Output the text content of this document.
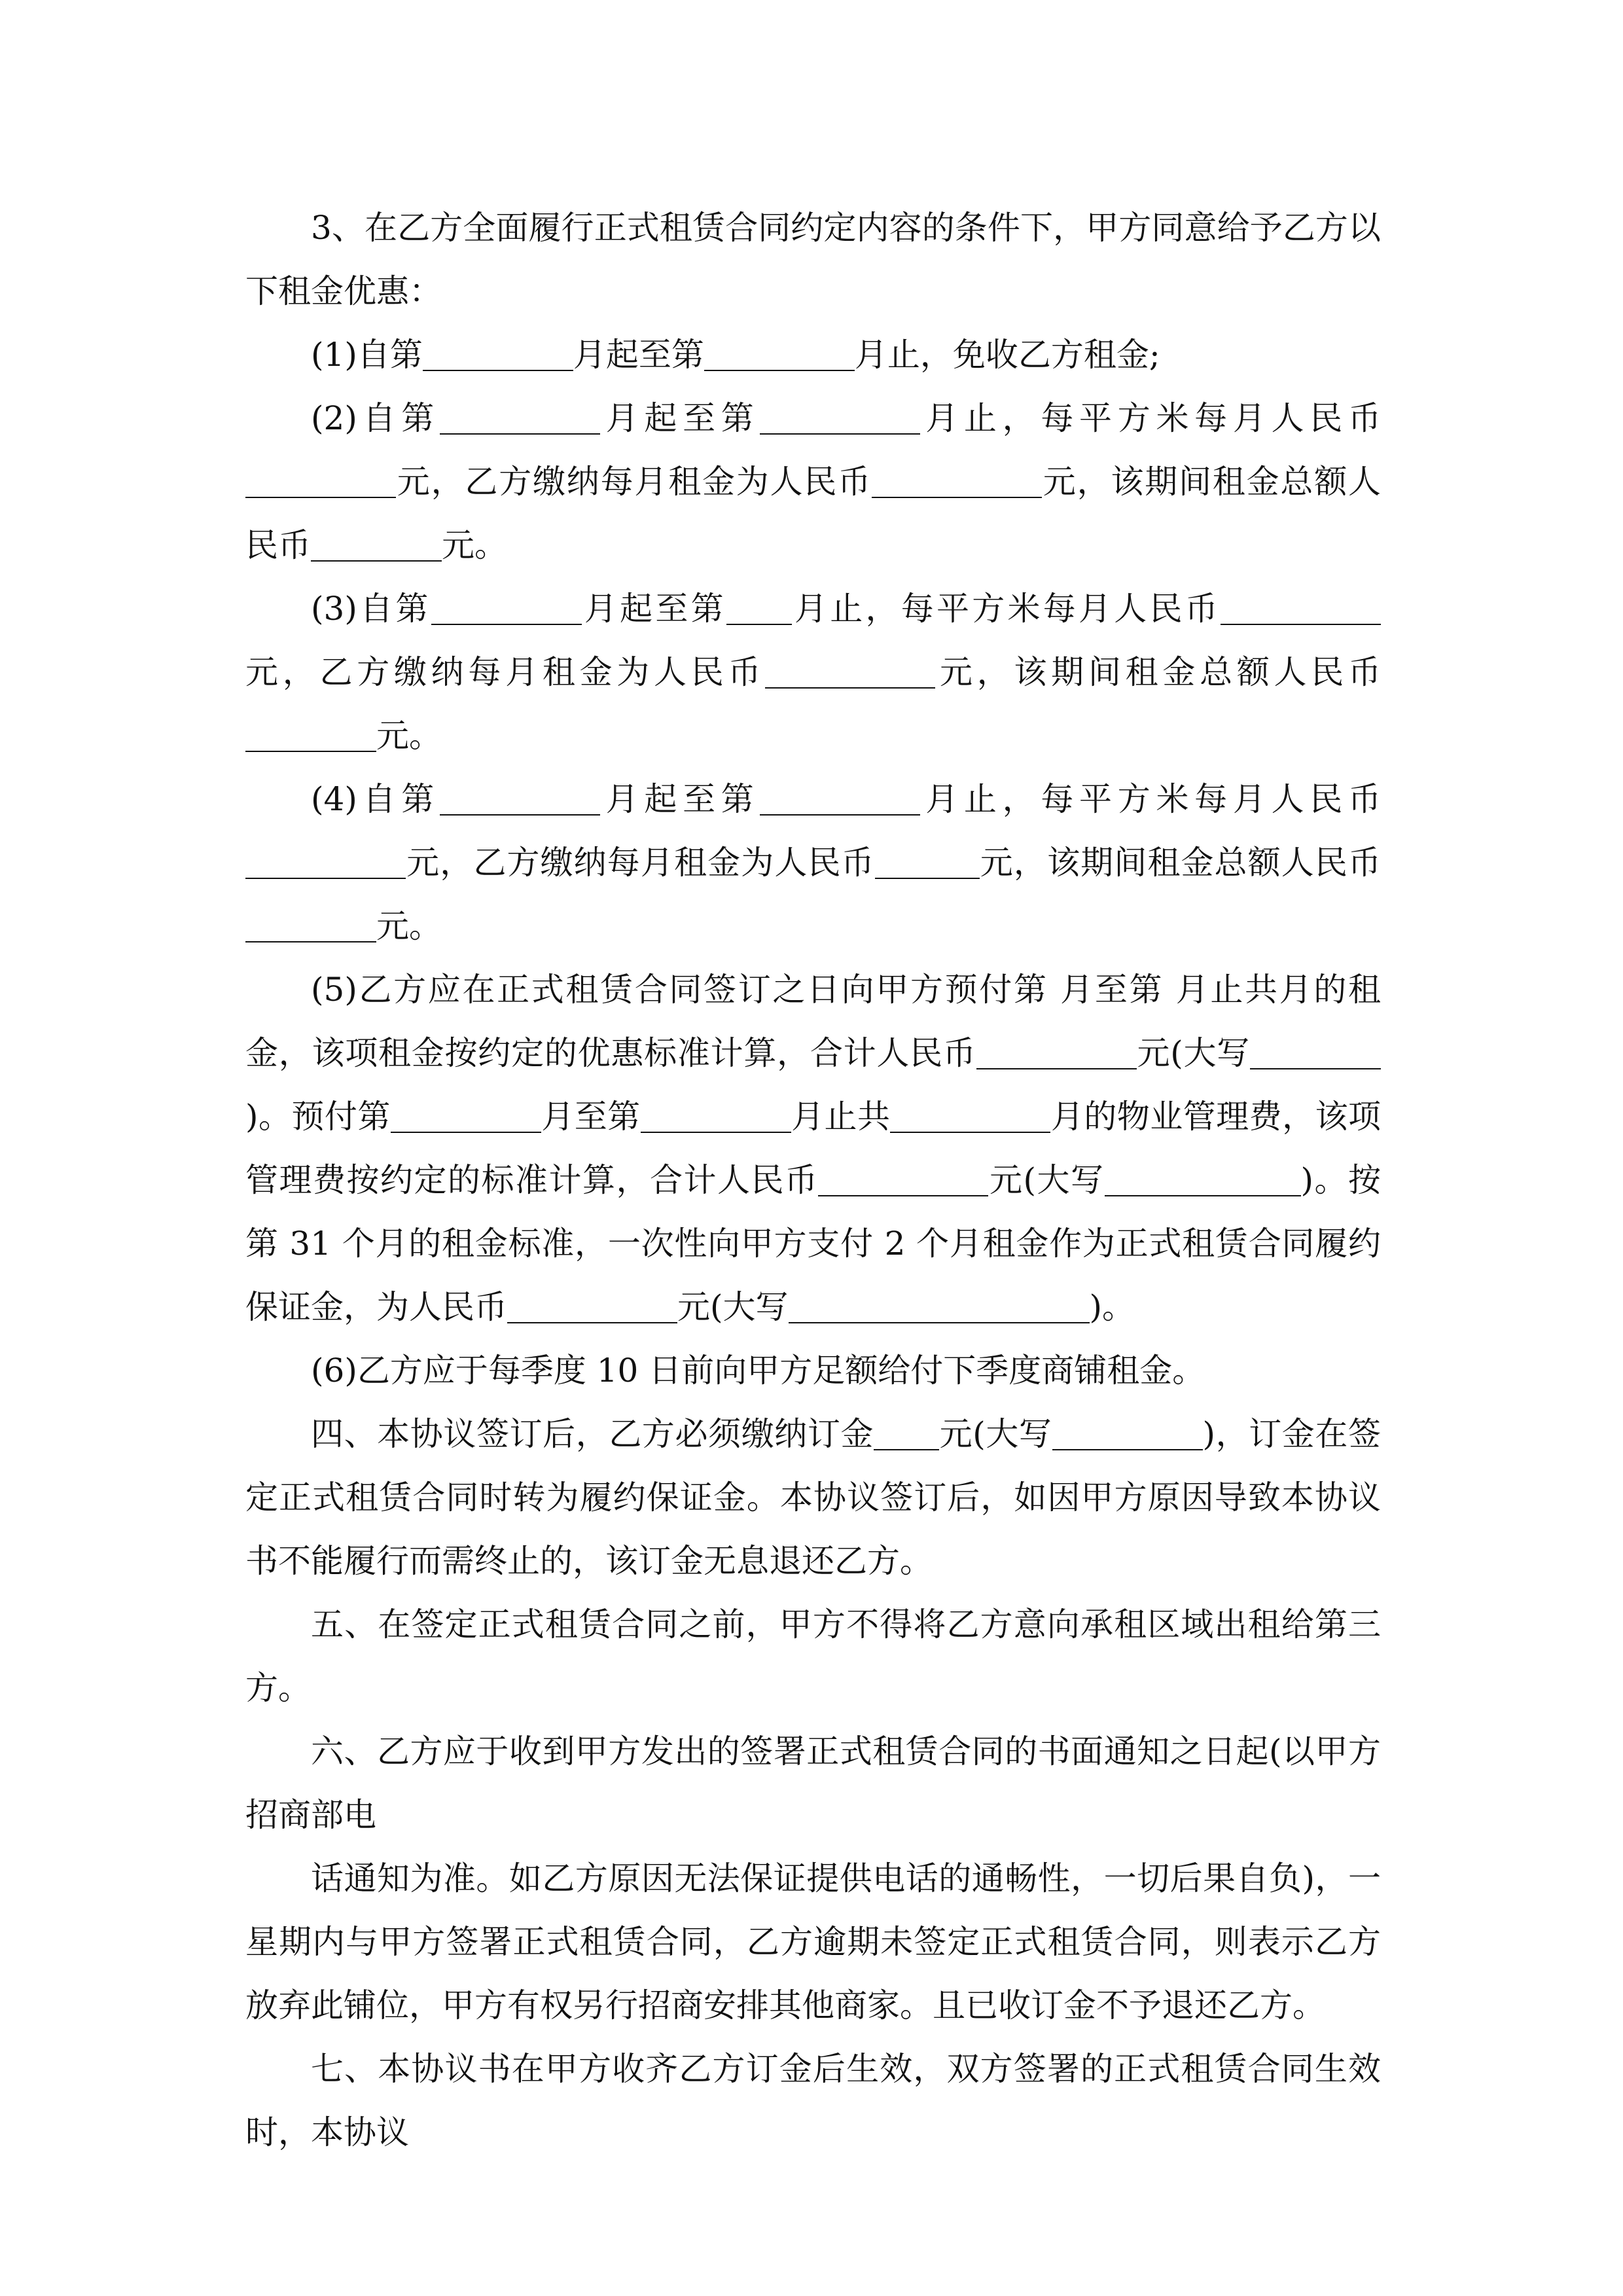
3、在乙方全面履行正式租赁合同约定内容的条件下，甲方同意给予乙方以下租金优惠：

(1)自第	月起至第	月止，免收乙方租金;

(2)自第	月起至第	月止，每平方米每月人民币元，乙方缴纳每月租金为人民币	元，该期间租金总额人民币	元。

(3)自第	月起至第 月止，每平方米每月人民币元，乙方缴纳每月租金为人民币	元，该期间租金总额人民币元。

(4)自第	月起至第	月止，每平方米每月人民币元，乙方缴纳每月租金为人民币	元，该期间租金总额人民币元。

(5)乙方应在正式租赁合同签订之日向甲方预付第 月至第 月止共月的租金，该项租金按约定的优惠标准计算，合计人民币	元(大写)。预付第	月至第	月止共	月的物业管理费，该项管理费按约定的标准计算，合计人民币	元(大写	)。按第 31 个月的租金标准，一次性向甲方支付 2 个月租金作为正式租赁合同履约保证金，为人民币	元(大写	)。

(6)乙方应于每季度 10 日前向甲方足额给付下季度商铺租金。

四、本协议签订后，乙方必须缴纳订金 元(大写	)，订金在签定正式租赁合同时转为履约保证金。本协议签订后，如因甲方原因导致本协议书不能履行而需终止的，该订金无息退还乙方。

五、在签定正式租赁合同之前，甲方不得将乙方意向承租区域出租给第三方。

六、乙方应于收到甲方发出的签署正式租赁合同的书面通知之日起(以甲方招商部电

话通知为准。如乙方原因无法保证提供电话的通畅性，一切后果自负)，一星期内与甲方签署正式租赁合同，乙方逾期未签定正式租赁合同，则表示乙方放弃此铺位，甲方有权另行招商安排其他商家。且已收订金不予退还乙方。

七、本协议书在甲方收齐乙方订金后生效，双方签署的正式租赁合同生效时，本协议
